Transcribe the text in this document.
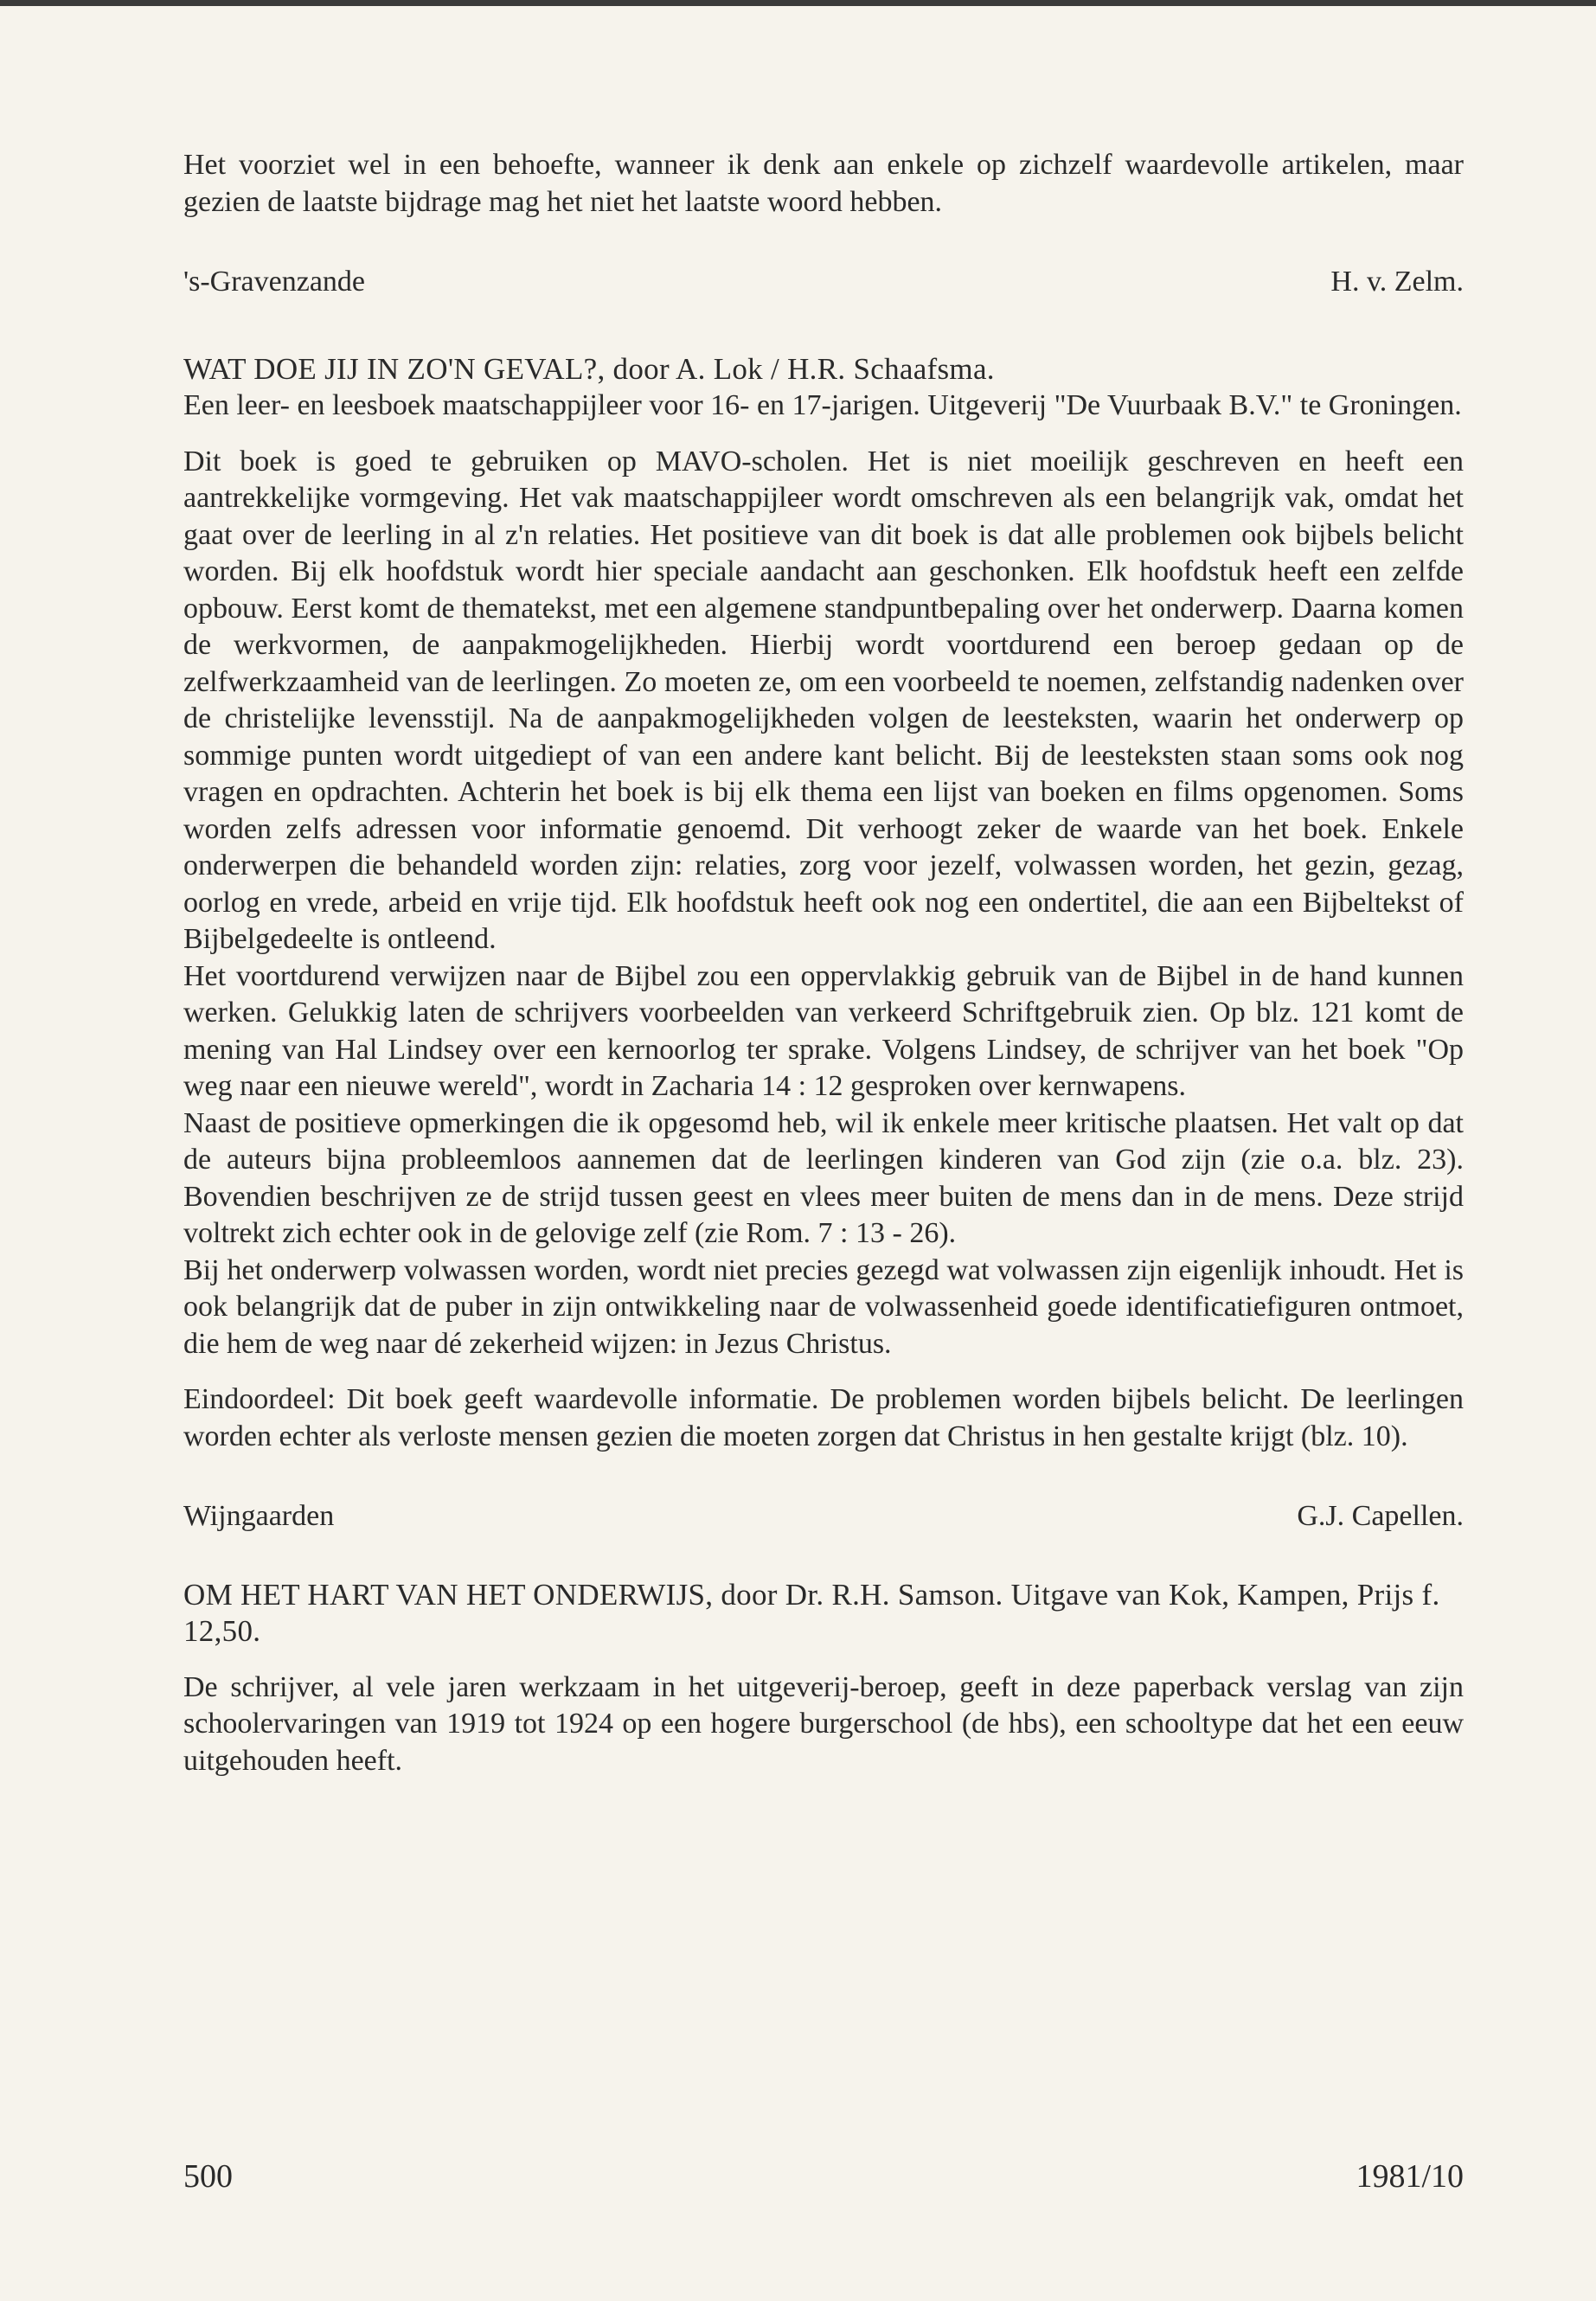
Het voorziet wel in een behoefte, wanneer ik denk aan enkele op zichzelf waardevolle artikelen, maar gezien de laatste bijdrage mag het niet het laatste woord hebben.

's-Gravenzande	H. v. Zelm.

WAT DOE JIJ IN ZO'N GEVAL?, door A. Lok / H.R. Schaafsma.

Een leer- en leesboek maatschappijleer voor 16- en 17-jarigen. Uitgeverij "De Vuurbaak B.V." te Groningen.

Dit boek is goed te gebruiken op MAVO-scholen. Het is niet moeilijk geschreven en heeft een aantrekkelijke vormgeving. Het vak maatschappijleer wordt omschreven als een belangrijk vak, omdat het gaat over de leerling in al z'n relaties. Het positieve van dit boek is dat alle problemen ook bijbels belicht worden. Bij elk hoofdstuk wordt hier speciale aandacht aan geschonken. Elk hoofdstuk heeft een zelfde opbouw. Eerst komt de thematekst, met een algemene standpuntbepaling over het onderwerp. Daarna komen de werkvormen, de aanpakmogelijkheden. Hierbij wordt voortdurend een beroep gedaan op de zelfwerkzaamheid van de leerlingen. Zo moeten ze, om een voorbeeld te noemen, zelfstandig nadenken over de christelijke levensstijl. Na de aanpakmogelijkheden volgen de leesteksten, waarin het onderwerp op sommige punten wordt uitgediept of van een andere kant belicht. Bij de leesteksten staan soms ook nog vragen en opdrachten. Achterin het boek is bij elk thema een lijst van boeken en films opgenomen. Soms worden zelfs adressen voor informatie genoemd. Dit verhoogt zeker de waarde van het boek. Enkele onderwerpen die behandeld worden zijn: relaties, zorg voor jezelf, volwassen worden, het gezin, gezag, oorlog en vrede, arbeid en vrije tijd. Elk hoofdstuk heeft ook nog een ondertitel, die aan een Bijbeltekst of Bijbelgedeelte is ontleend.

Het voortdurend verwijzen naar de Bijbel zou een oppervlakkig gebruik van de Bijbel in de hand kunnen werken. Gelukkig laten de schrijvers voorbeelden van verkeerd Schriftgebruik zien. Op blz. 121 komt de mening van Hal Lindsey over een kernoorlog ter sprake. Volgens Lindsey, de schrijver van het boek "Op weg naar een nieuwe wereld", wordt in Zacharia 14 : 12 gesproken over kernwapens.

Naast de positieve opmerkingen die ik opgesomd heb, wil ik enkele meer kritische plaatsen. Het valt op dat de auteurs bijna probleemloos aannemen dat de leerlingen kinderen van God zijn (zie o.a. blz. 23). Bovendien beschrijven ze de strijd tussen geest en vlees meer buiten de mens dan in de mens. Deze strijd voltrekt zich echter ook in de gelovige zelf (zie Rom. 7 : 13 - 26).

Bij het onderwerp volwassen worden, wordt niet precies gezegd wat volwassen zijn eigenlijk inhoudt. Het is ook belangrijk dat de puber in zijn ontwikkeling naar de volwassenheid goede identificatiefiguren ontmoet, die hem de weg naar dé zekerheid wijzen: in Jezus Christus.

Eindoordeel: Dit boek geeft waardevolle informatie. De problemen worden bijbels belicht. De leerlingen worden echter als verloste mensen gezien die moeten zorgen dat Christus in hen gestalte krijgt (blz. 10).

Wijngaarden	G.J. Capellen.

OM HET HART VAN HET ONDERWIJS, door Dr. R.H. Samson. Uitgave van Kok, Kampen, Prijs f. 12,50.

De schrijver, al vele jaren werkzaam in het uitgeverij-beroep, geeft in deze paperback verslag van zijn schoolervaringen van 1919 tot 1924 op een hogere burgerschool (de hbs), een schooltype dat het een eeuw uitgehouden heeft.

500	1981/10
